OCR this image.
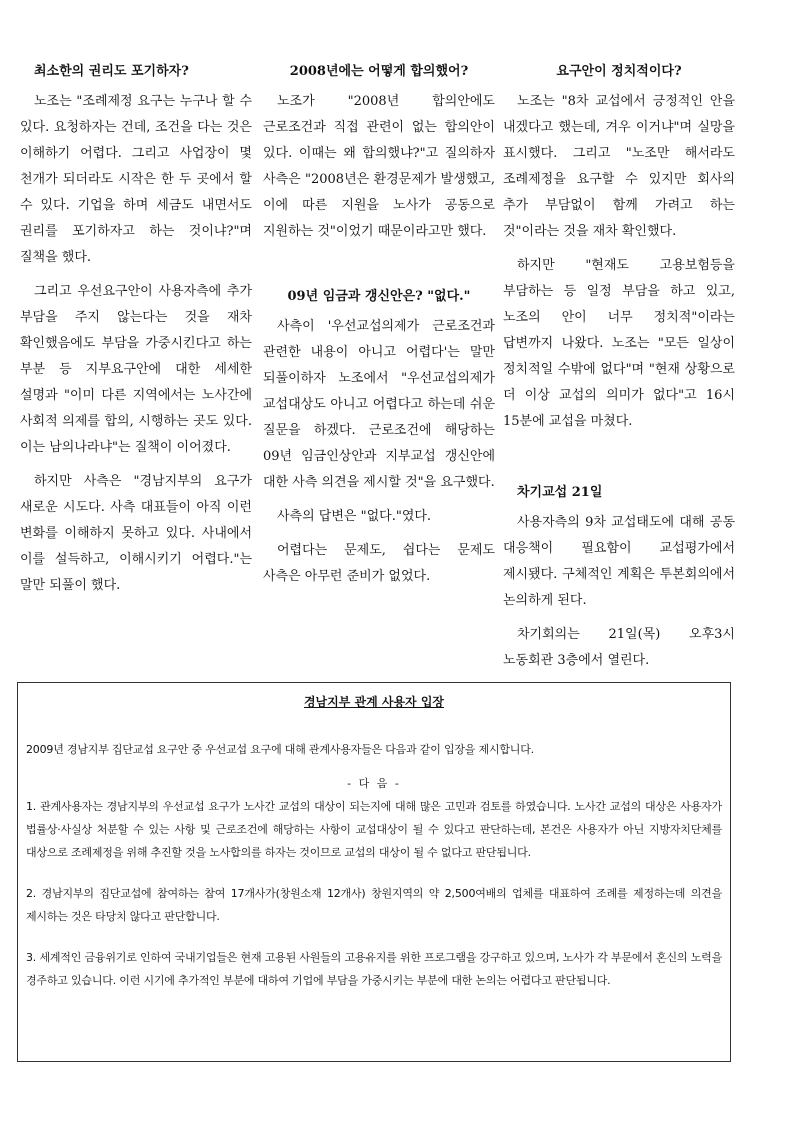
최소한의 권리도 포기하자?

노조는 "조례제정 요구는 누구나 할 수 있다. 요청하자는 건데, 조건을 다는 것은 이해하기 어렵다. 그리고 사업장이 몇 천개가 되더라도 시작은 한 두 곳에서 할 수 있다. 기업을 하며 세금도 내면서도 권리를 포기하자고 하는 것이냐?"며 질책을 했다.

그리고 우선요구안이 사용자측에 추가 부담을 주지 않는다는 것을 재차 확인했음에도 부담을 가중시킨다고 하는 부분 등 지부요구안에 대한 세세한 설명과 "이미 다른 지역에서는 노사간에 사회적 의제를 합의, 시행하는 곳도 있다. 이는 남의나라냐"는 질책이 이어졌다.

하지만 사측은 "경남지부의 요구가 새로운 시도다. 사측 대표들이 아직 이런 변화를 이해하지 못하고 있다. 사내에서 이를 설득하고, 이해시키기 어렵다."는 말만 되풀이 했다.

2008년에는 어떻게 합의했어?

노조가 "2008년 합의안에도 근로조건과 직접 관련이 없는 합의안이 있다. 이때는 왜 합의했냐?"고 질의하자 사측은 "2008년은 환경문제가 발생했고, 이에 따른 지원을 노사가 공동으로 지원하는 것"이었기 때문이라고만 했다.

09년 임금과 갱신안은? "없다."

사측이 '우선교섭의제가 근로조건과 관련한 내용이 아니고 어렵다'는 말만 되풀이하자 노조에서 "우선교섭의제가 교섭대상도 아니고 어렵다고 하는데 쉬운 질문을 하겠다. 근로조건에 해당하는 09년 임금인상안과 지부교섭 갱신안에 대한 사측 의견을 제시할 것"을 요구했다.

사측의 답변은 "없다."였다.

어렵다는 문제도, 쉽다는 문제도 사측은 아무런 준비가 없었다.

요구안이 정치적이다?

노조는 "8차 교섭에서 긍정적인 안을 내겠다고 했는데, 겨우 이거냐"며 실망을 표시했다. 그리고 "노조만 해서라도 조례제정을 요구할 수 있지만 회사의 추가 부담없이 함께 가려고 하는 것"이라는 것을 재차 확인했다.

하지만 "현재도 고용보험등을 부담하는 등 일정 부담을 하고 있고, 노조의 안이 너무 정치적"이라는 답변까지 나왔다. 노조는 "모든 일상이 정치적일 수밖에 없다"며 "현재 상황으로 더 이상 교섭의 의미가 없다"고 16시 15분에 교섭을 마쳤다.

차기교섭 21일

사용자측의 9차 교섭태도에 대해 공동 대응책이 필요함이 교섭평가에서 제시됐다. 구체적인 계획은 투본회의에서 논의하게 된다.

차기회의는 21일(목) 오후3시 노동회관 3층에서 열린다.

경남지부 관계 사용자 입장

2009년 경남지부 집단교섭 요구안 중 우선교섭 요구에 대해 관계사용자들은 다음과 같이 입장을 제시합니다.

- 다 음 -

1. 관계사용자는 경남지부의 우선교섭 요구가 노사간 교섭의 대상이 되는지에 대해 많은 고민과 검토를 하였습니다. 노사간 교섭의 대상은 사용자가 법률상·사실상 처분할 수 있는 사항 및 근로조건에 해당하는 사항이 교섭대상이 될 수 있다고 판단하는데, 본건은 사용자가 아닌 지방자치단체를 대상으로 조례제정을 위해 추진할 것을 노사합의를 하자는 것이므로 교섭의 대상이 될 수 없다고 판단됩니다.

2. 경남지부의 집단교섭에 참여하는 참여 17개사가(창원소재 12개사) 창원지역의 약 2,500여배의 업체를 대표하여 조례를 제정하는데 의견을 제시하는 것은 타당치 않다고 판단합니다.

3. 세계적인 금융위기로 인하여 국내기업들은 현재 고용된 사원들의 고용유지를 위한 프로그램을 강구하고 있으며, 노사가 각 부문에서 혼신의 노력을 경주하고 있습니다. 이런 시기에 추가적인 부분에 대하여 기업에 부담을 가중시키는 부분에 대한 논의는 어렵다고 판단됩니다.
